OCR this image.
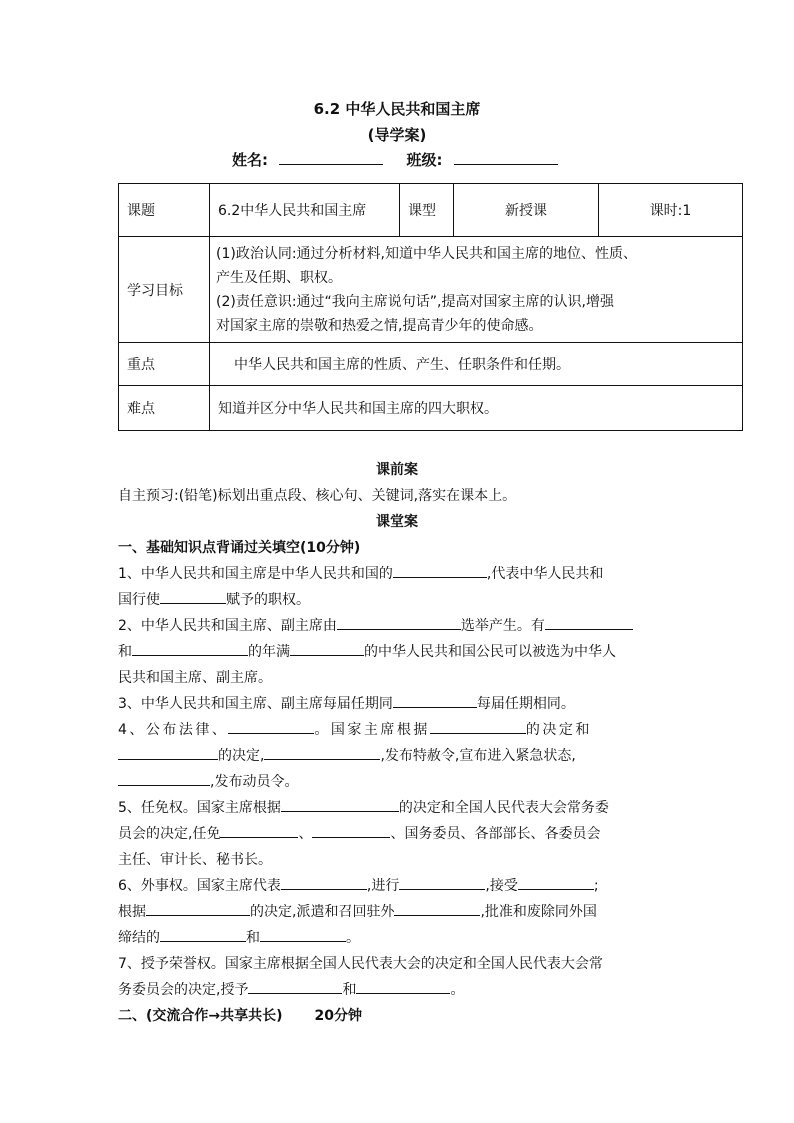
6.2 中华人民共和国主席
(导学案)
姓名:	班级:
课题	6.2中华人民共和国主席	课型	新授课	课时:1
学习目标	(1)政治认同:通过分析材料,知道中华人民共和国主席的地位、性质、
产生及任期、职权。
(2)责任意识:通过“我向主席说句话”,提高对国家主席的认识,增强
对国家主席的崇敬和热爱之情,提高青少年的使命感。			

重点	中华人民共和国主席的性质、产生、任职条件和任期。			
难点	知道并区分中华人民共和国主席的四大职权。			
课前案
自主预习:(铅笔)标划出重点段、核心句、关键词,落实在课本上。
课堂案
一、基础知识点背诵过关填空(10分钟)
1、中华人民共和国主席是中华人民共和国的	,代表中华人民共和
国行使	赋予的职权。
2、中华人民共和国主席、副主席由	选举产生。有
和	的年满	的中华人民共和国公民可以被选为中华人
民共和国主席、副主席。
3、中华人民共和国主席、副主席每届任期同	每届任期相同。
4、公布法律、	。国家主席根据	的决定和
的决定,	,发布特赦令,宣布进入紧急状态,
,发布动员令。
5、任免权。国家主席根据	的决定和全国人民代表大会常务委
员会的决定,任免	、	、国务委员、各部部长、各委员会
主任、审计长、秘书长。
6、外事权。国家主席代表	,进行	,接受	;
根据	的决定,派遣和召回驻外	,批准和废除同外国
缔结的	和	。
7、授予荣誉权。国家主席根据全国人民代表大会的决定和全国人民代表大会常
务委员会的决定,授予	和	。
二、(交流合作→共享共长) 20分钟
